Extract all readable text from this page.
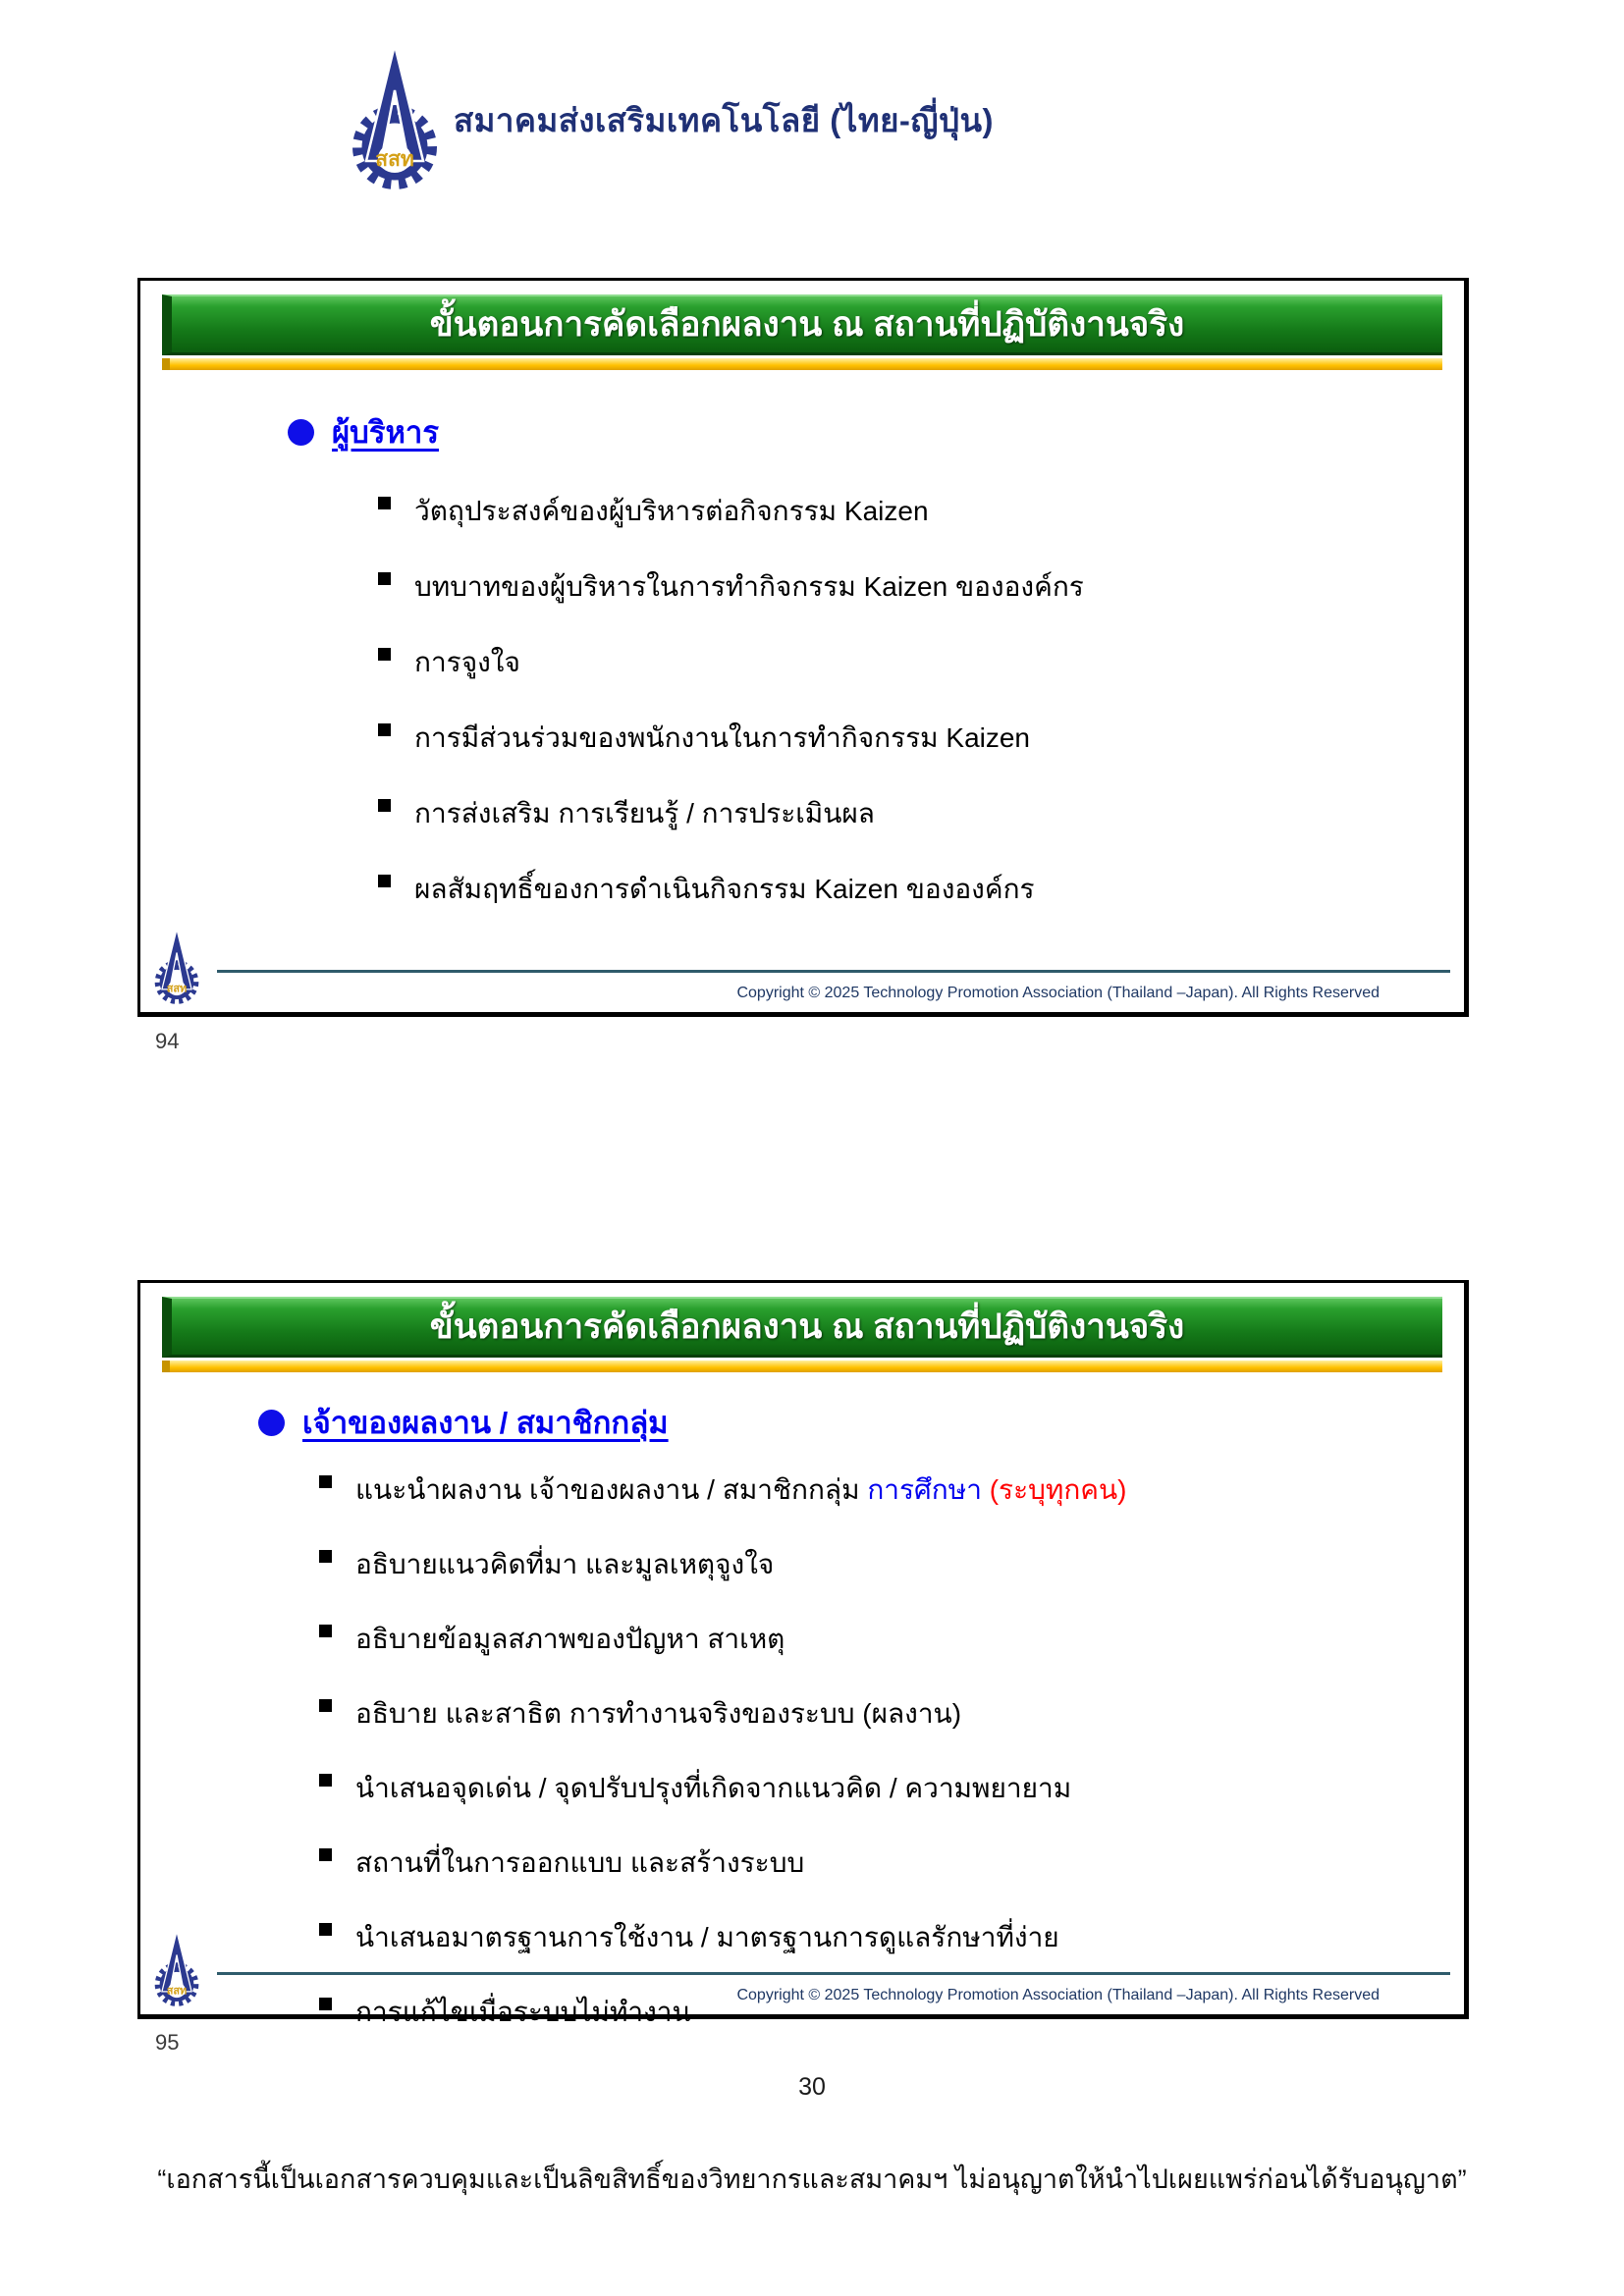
สสท
สมาคมส่งเสริมเทคโนโลยี (ไทย-ญี่ปุ่น)
ขั้นตอนการคัดเลือกผลงาน ณ สถานที่ปฏิบัติงานจริง
ผู้บริหาร
วัตถุประสงค์ของผู้บริหารต่อกิจกรรม Kaizen
บทบาทของผู้บริหารในการทำกิจกรรม Kaizen ขององค์กร
การจูงใจ
การมีส่วนร่วมของพนักงานในการทำกิจกรรม Kaizen
การส่งเสริม การเรียนรู้ / การประเมินผล
ผลสัมฤทธิ์ของการดำเนินกิจกรรม Kaizen ขององค์กร
สสท	Copyright © 2025 Technology Promotion Association (Thailand –Japan). All Rights Reserved
94
ขั้นตอนการคัดเลือกผลงาน ณ สถานที่ปฏิบัติงานจริง
เจ้าของผลงาน / สมาชิกกลุ่ม
แนะนำผลงาน เจ้าของผลงาน / สมาชิกกลุ่ม การศึกษา (ระบุทุกคน)
อธิบายแนวคิดที่มา และมูลเหตุจูงใจ
อธิบายข้อมูลสภาพของปัญหา สาเหตุ
อธิบาย และสาธิต การทำงานจริงของระบบ (ผลงาน)
นำเสนอจุดเด่น / จุดปรับปรุงที่เกิดจากแนวคิด / ความพยายาม
สถานที่ในการออกแบบ และสร้างระบบ
นำเสนอมาตรฐานการใช้งาน / มาตรฐานการดูแลรักษาที่ง่าย
การแก้ไขเมื่อระบบไม่ทำงาน
สสท	Copyright © 2025 Technology Promotion Association (Thailand –Japan). All Rights Reserved
95
30
“เอกสารนี้เป็นเอกสารควบคุมและเป็นลิขสิทธิ์ของวิทยากรและสมาคมฯ ไม่อนุญาตให้นำไปเผยแพร่ก่อนได้รับอนุญาต”
